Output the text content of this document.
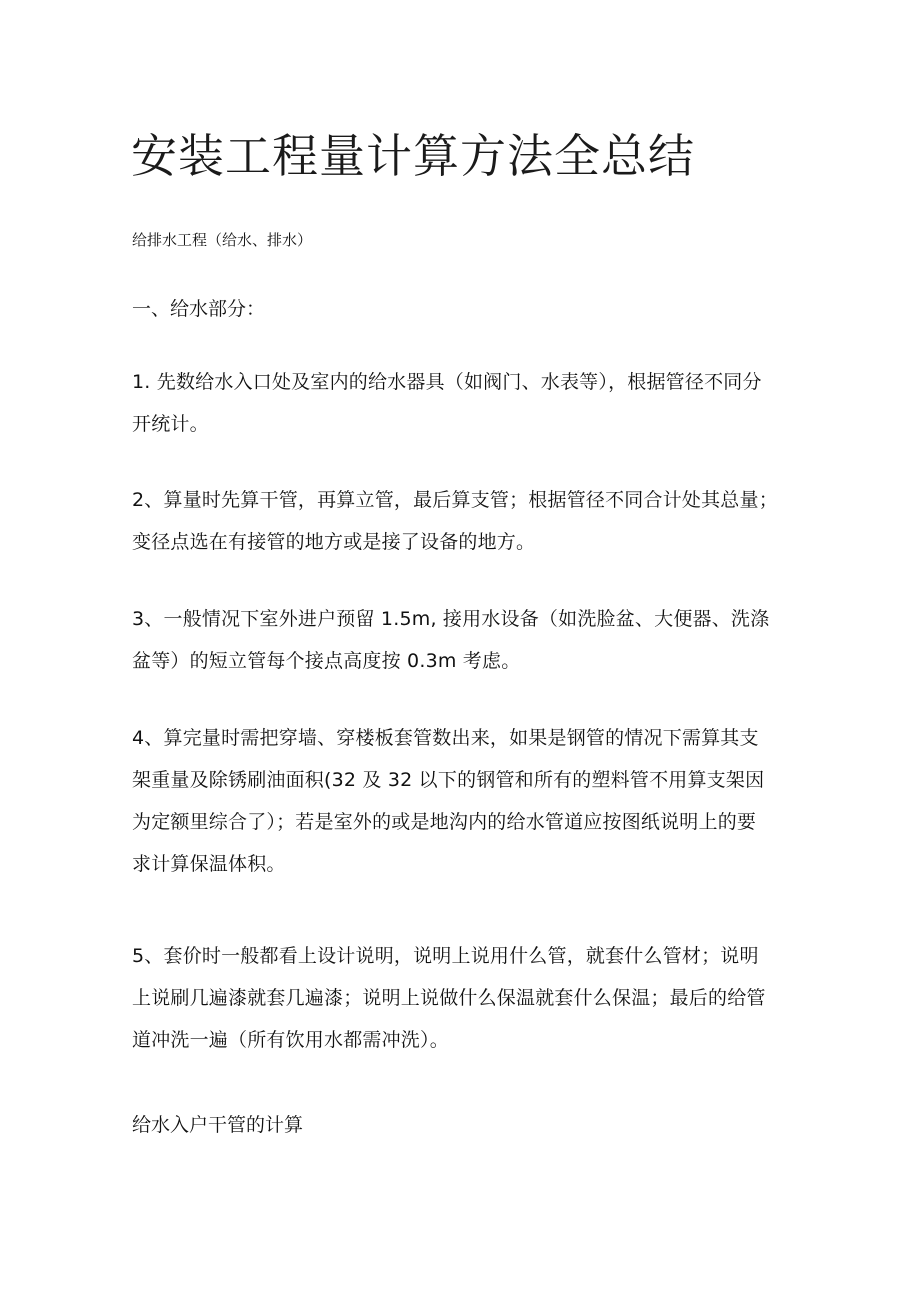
安装工程量计算方法全总结
给排水工程（给水、排水）
一、给水部分：
1. 先数给水入口处及室内的给水器具（如阀门、水表等），根据管径不同分
开统计。
2、算量时先算干管，再算立管，最后算支管；根据管径不同合计处其总量；
变径点选在有接管的地方或是接了设备的地方。
3、一般情况下室外进户预留 1.5m, 接用水设备（如洗脸盆、大便器、洗涤
盆等）的短立管每个接点高度按 0.3m 考虑。
4、算完量时需把穿墙、穿楼板套管数出来，如果是钢管的情况下需算其支
架重量及除锈刷油面积(32 及 32 以下的钢管和所有的塑料管不用算支架因
为定额里综合了）；若是室外的或是地沟内的给水管道应按图纸说明上的要
求计算保温体积。
5、套价时一般都看上设计说明，说明上说用什么管，就套什么管材；说明
上说刷几遍漆就套几遍漆；说明上说做什么保温就套什么保温；最后的给管
道冲洗一遍（所有饮用水都需冲洗）。
给水入户干管的计算
